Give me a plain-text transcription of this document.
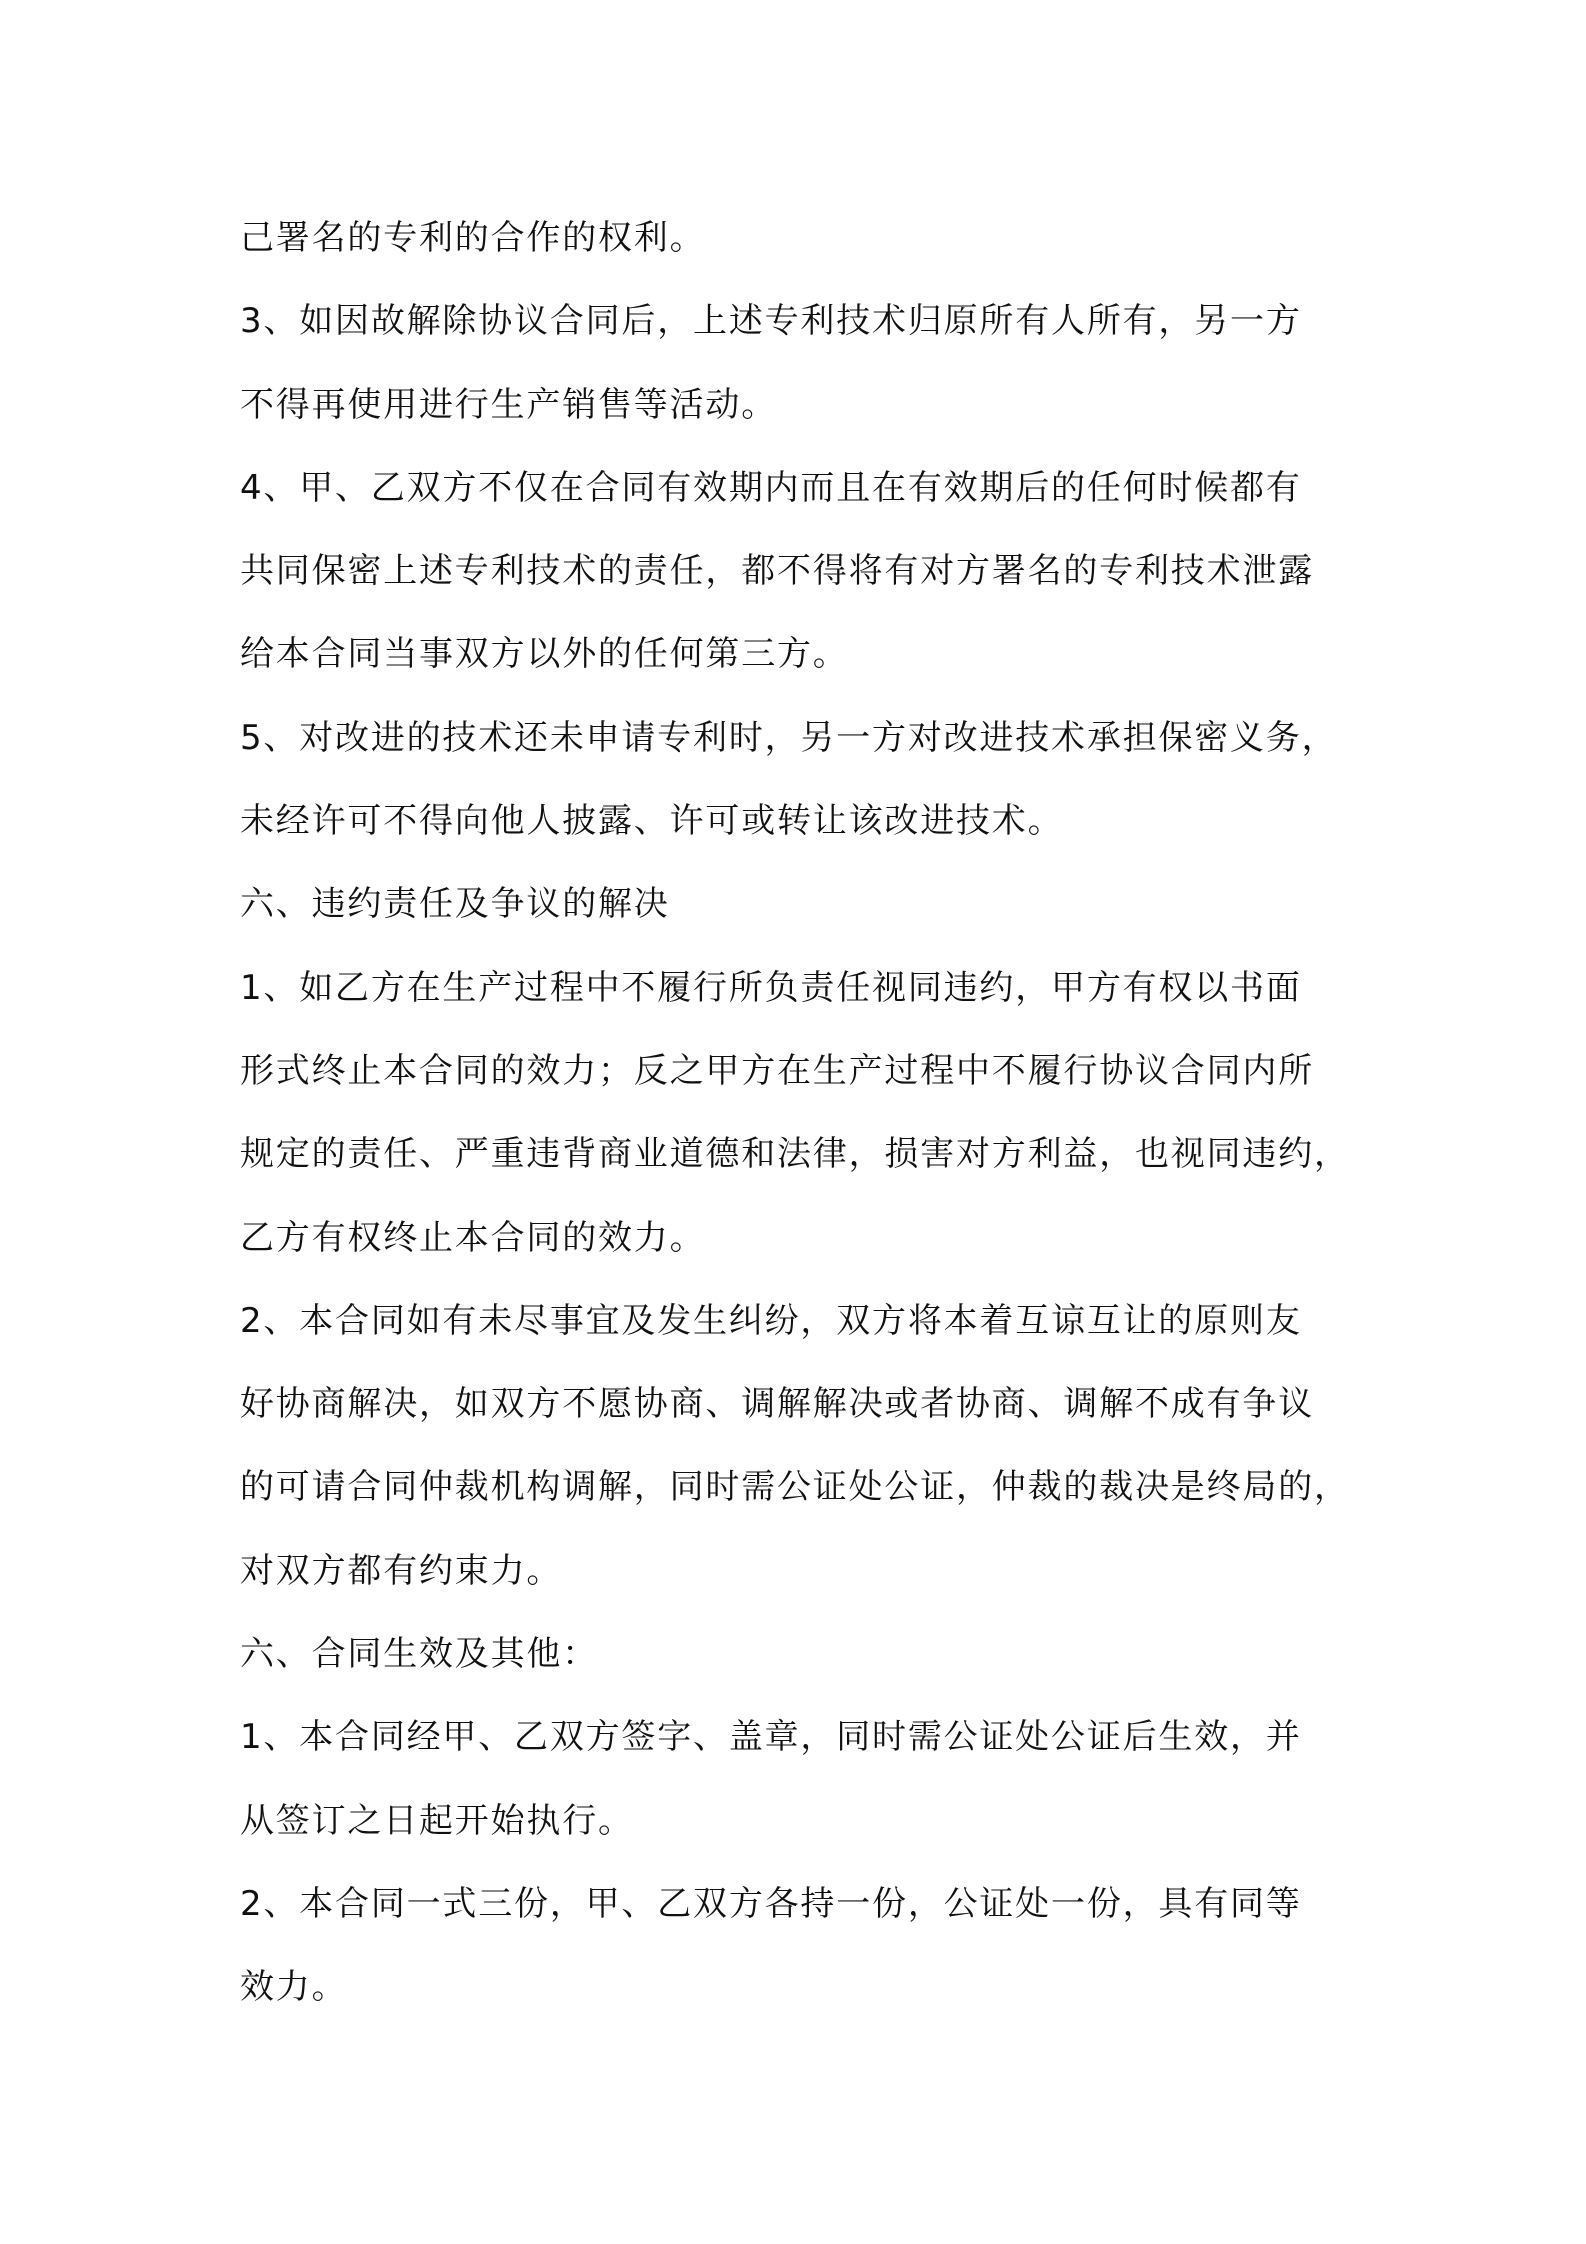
己署名的专利的合作的权利。
3、如因故解除协议合同后，上述专利技术归原所有人所有，另一方
不得再使用进行生产销售等活动。
4、甲、乙双方不仅在合同有效期内而且在有效期后的任何时候都有
共同保密上述专利技术的责任，都不得将有对方署名的专利技术泄露
给本合同当事双方以外的任何第三方。
5、对改进的技术还未申请专利时，另一方对改进技术承担保密义务，
未经许可不得向他人披露、许可或转让该改进技术。
六、违约责任及争议的解决
1、如乙方在生产过程中不履行所负责任视同违约，甲方有权以书面
形式终止本合同的效力；反之甲方在生产过程中不履行协议合同内所
规定的责任、严重违背商业道德和法律，损害对方利益，也视同违约，
乙方有权终止本合同的效力。
2、本合同如有未尽事宜及发生纠纷，双方将本着互谅互让的原则友
好协商解决，如双方不愿协商、调解解决或者协商、调解不成有争议
的可请合同仲裁机构调解，同时需公证处公证，仲裁的裁决是终局的，
对双方都有约束力。
六、合同生效及其他：
1、本合同经甲、乙双方签字、盖章，同时需公证处公证后生效，并
从签订之日起开始执行。
2、本合同一式三份，甲、乙双方各持一份，公证处一份，具有同等
效力。
